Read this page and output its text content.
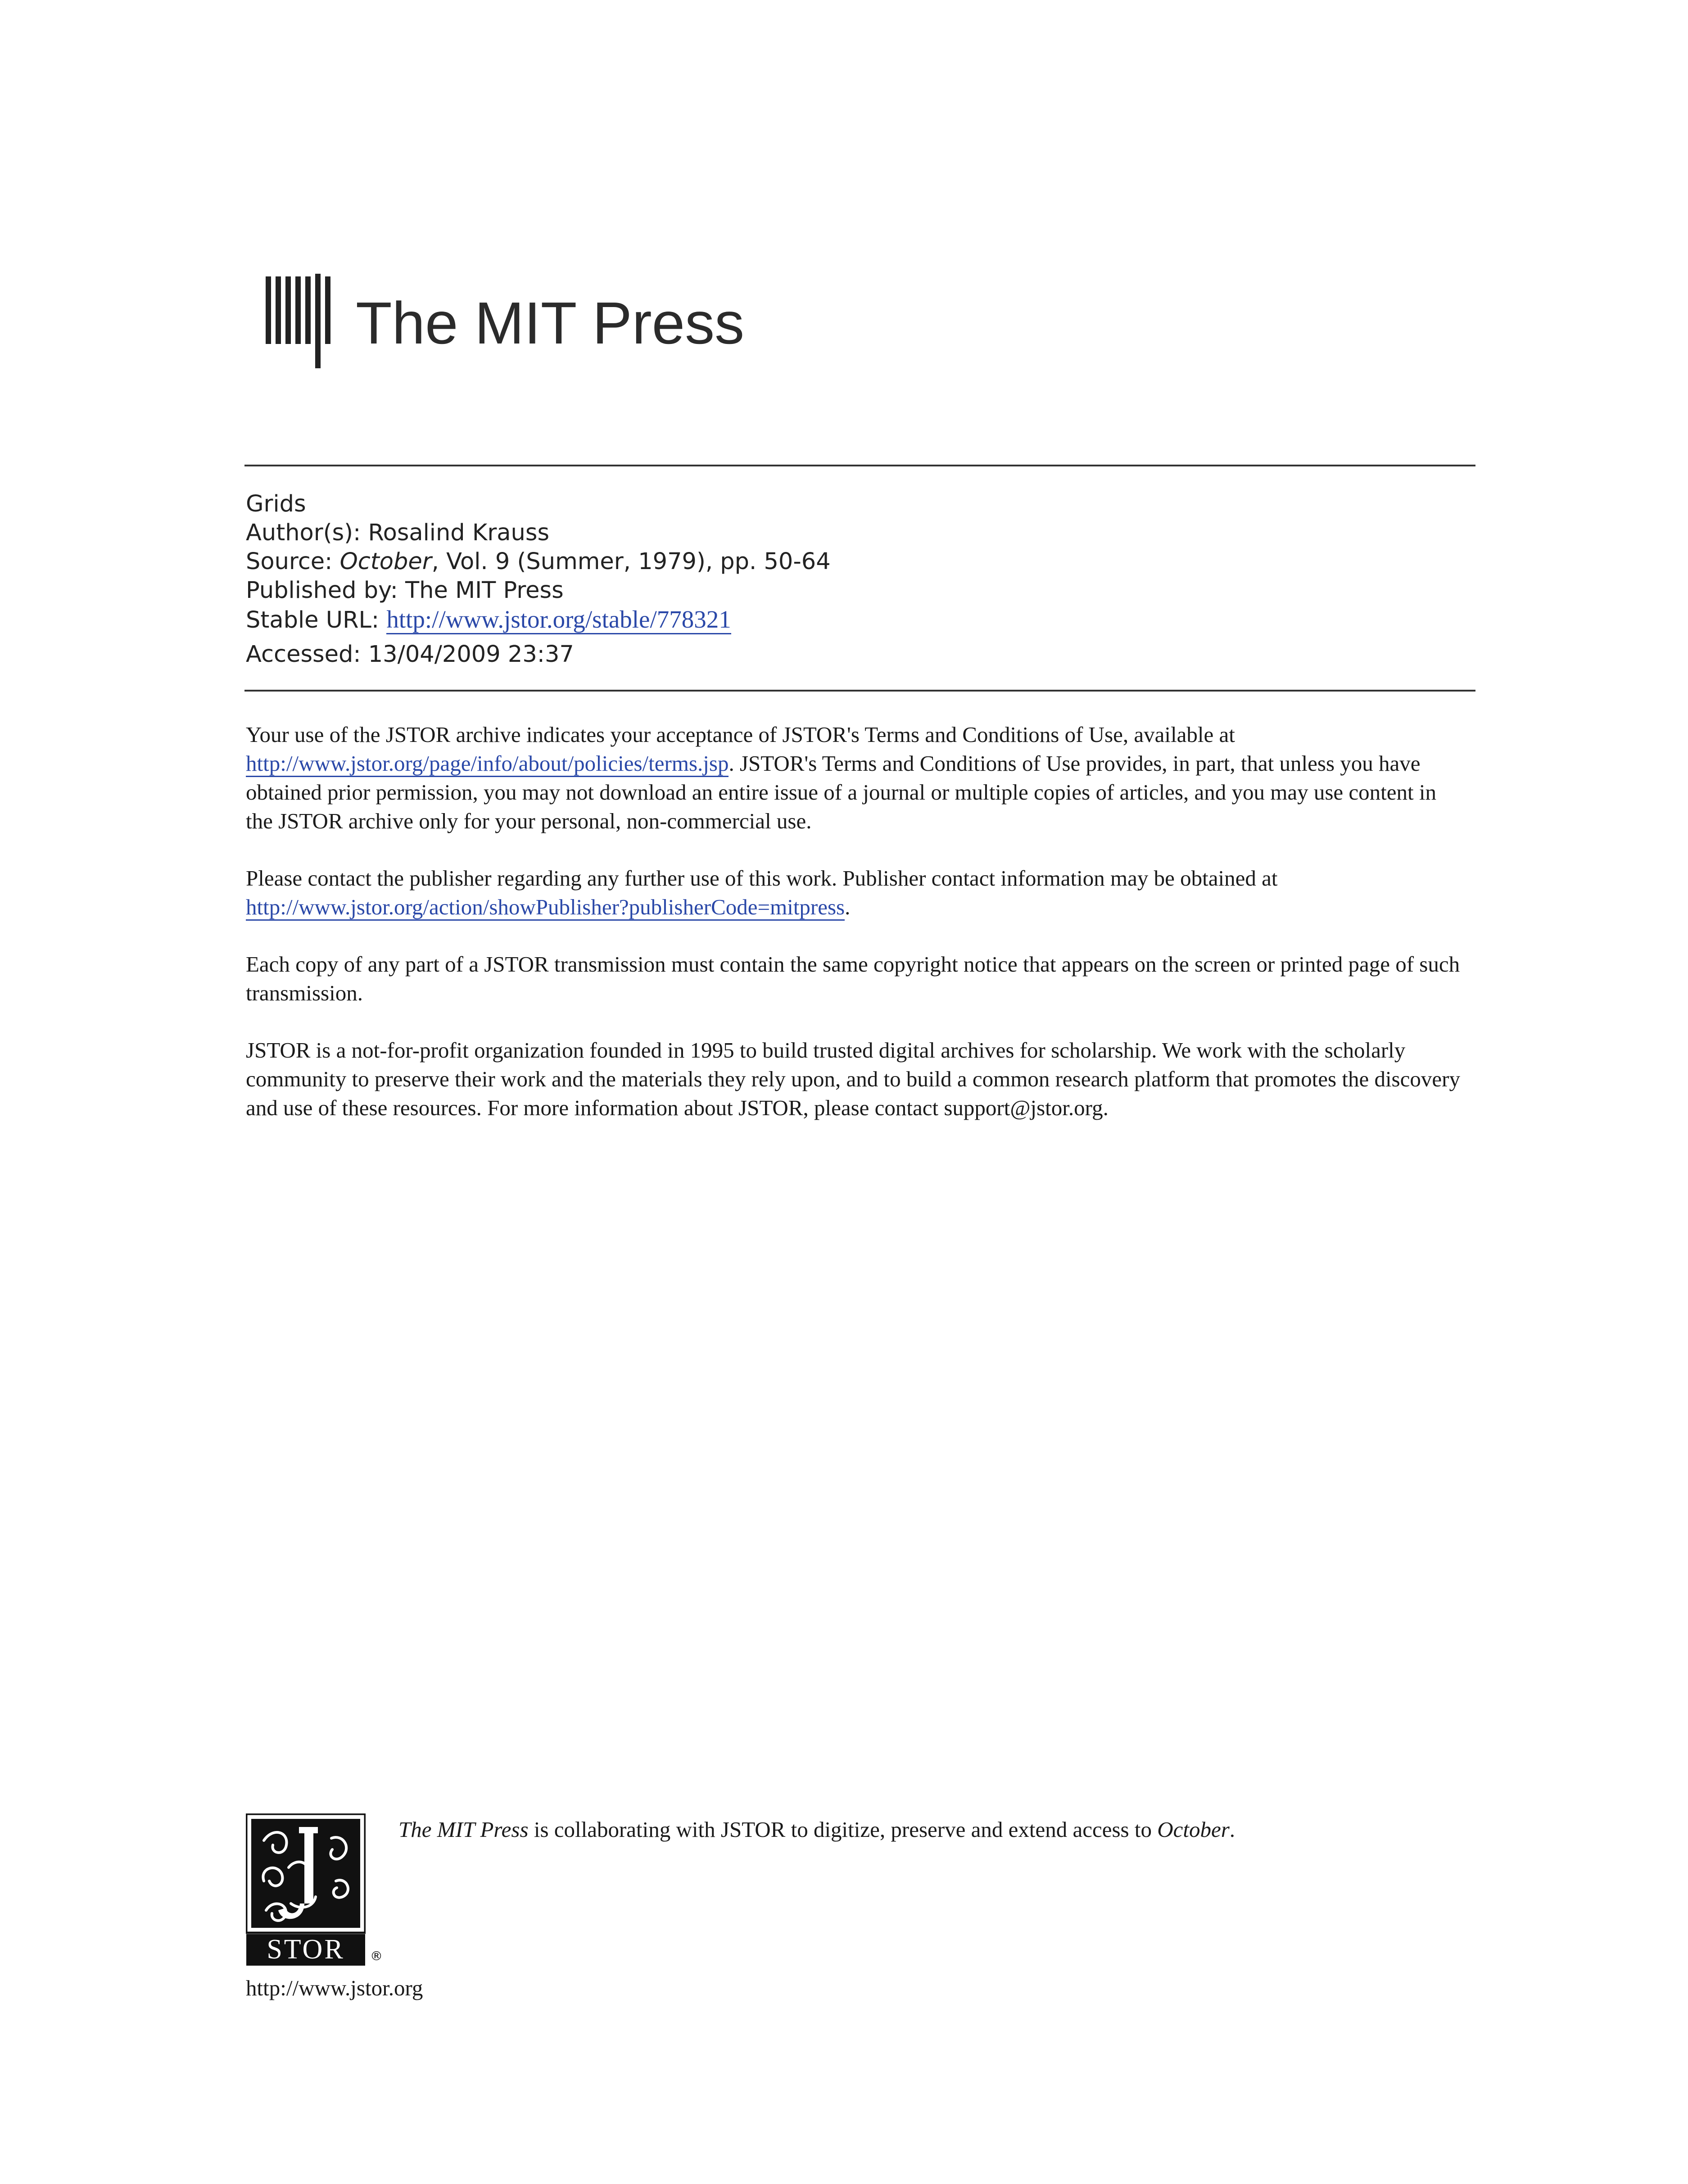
The MIT Press
Grids
Author(s): Rosalind Krauss
Source: October, Vol. 9 (Summer, 1979), pp. 50-64
Published by: The MIT Press
Stable URL: http://www.jstor.org/stable/778321
Accessed: 13/04/2009 23:37

Your use of the JSTOR archive indicates your acceptance of JSTOR's Terms and Conditions of Use, available at http://www.jstor.org/page/info/about/policies/terms.jsp. JSTOR's Terms and Conditions of Use provides, in part, that unless you have obtained prior permission, you may not download an entire issue of a journal or multiple copies of articles, and you may use content in the JSTOR archive only for your personal, non-commercial use.

Please contact the publisher regarding any further use of this work. Publisher contact information may be obtained at http://www.jstor.org/action/showPublisher?publisherCode=mitpress.

Each copy of any part of a JSTOR transmission must contain the same copyright notice that appears on the screen or printed page of such transmission.

JSTOR is a not-for-profit organization founded in 1995 to build trusted digital archives for scholarship. We work with the scholarly community to preserve their work and the materials they rely upon, and to build a common research platform that promotes the discovery and use of these resources. For more information about JSTOR, please contact support@jstor.org.

STOR ®
The MIT Press is collaborating with JSTOR to digitize, preserve and extend access to October.
http://www.jstor.org
